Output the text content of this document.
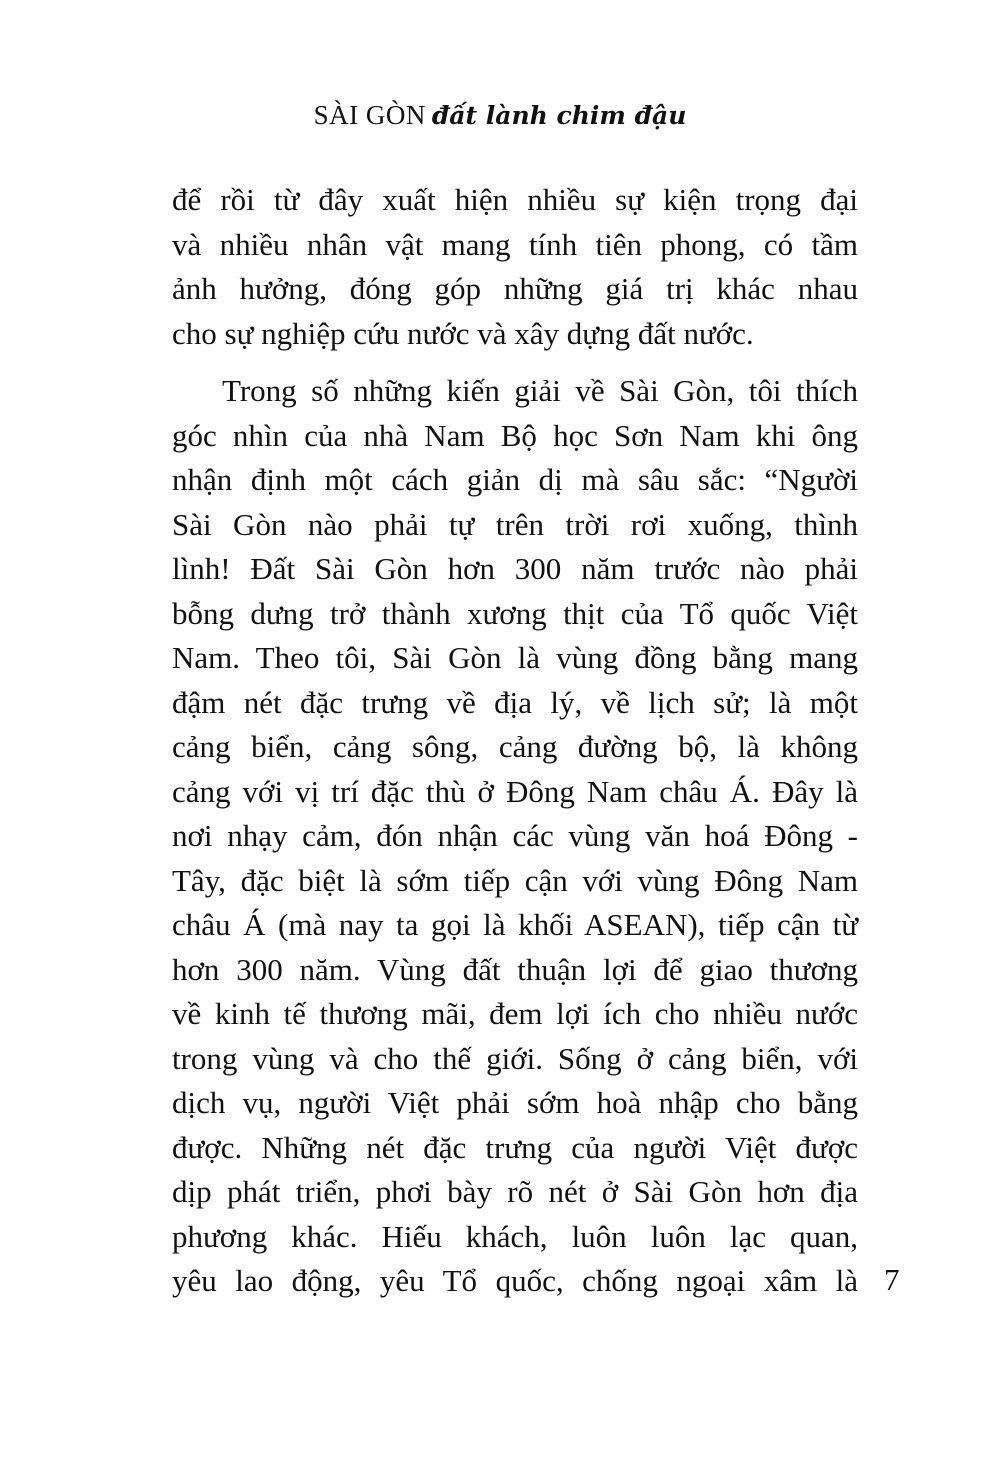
SÀI GÒN đất lành chim đậu
để rồi từ đây xuất hiện nhiều sự kiện trọng đại
và nhiều nhân vật mang tính tiên phong, có tầm
ảnh hưởng, đóng góp những giá trị khác nhau
cho sự nghiệp cứu nước và xây dựng đất nước.
Trong số những kiến giải về Sài Gòn, tôi thích
góc nhìn của nhà Nam Bộ học Sơn Nam khi ông
nhận định một cách giản dị mà sâu sắc: “Người
Sài Gòn nào phải tự trên trời rơi xuống, thình
lình! Đất Sài Gòn hơn 300 năm trước nào phải
bỗng dưng trở thành xương thịt của Tổ quốc Việt
Nam. Theo tôi, Sài Gòn là vùng đồng bằng mang
đậm nét đặc trưng về địa lý, về lịch sử; là một
cảng biển, cảng sông, cảng đường bộ, là không
cảng với vị trí đặc thù ở Đông Nam châu Á. Đây là
nơi nhạy cảm, đón nhận các vùng văn hoá Đông -
Tây, đặc biệt là sớm tiếp cận với vùng Đông Nam
châu Á (mà nay ta gọi là khối ASEAN), tiếp cận từ
hơn 300 năm. Vùng đất thuận lợi để giao thương
về kinh tế thương mãi, đem lợi ích cho nhiều nước
trong vùng và cho thế giới. Sống ở cảng biển, với
dịch vụ, người Việt phải sớm hoà nhập cho bằng
được. Những nét đặc trưng của người Việt được
dịp phát triển, phơi bày rõ nét ở Sài Gòn hơn địa
phương khác. Hiếu khách, luôn luôn lạc quan,
yêu lao động, yêu Tổ quốc, chống ngoại xâm là 7
